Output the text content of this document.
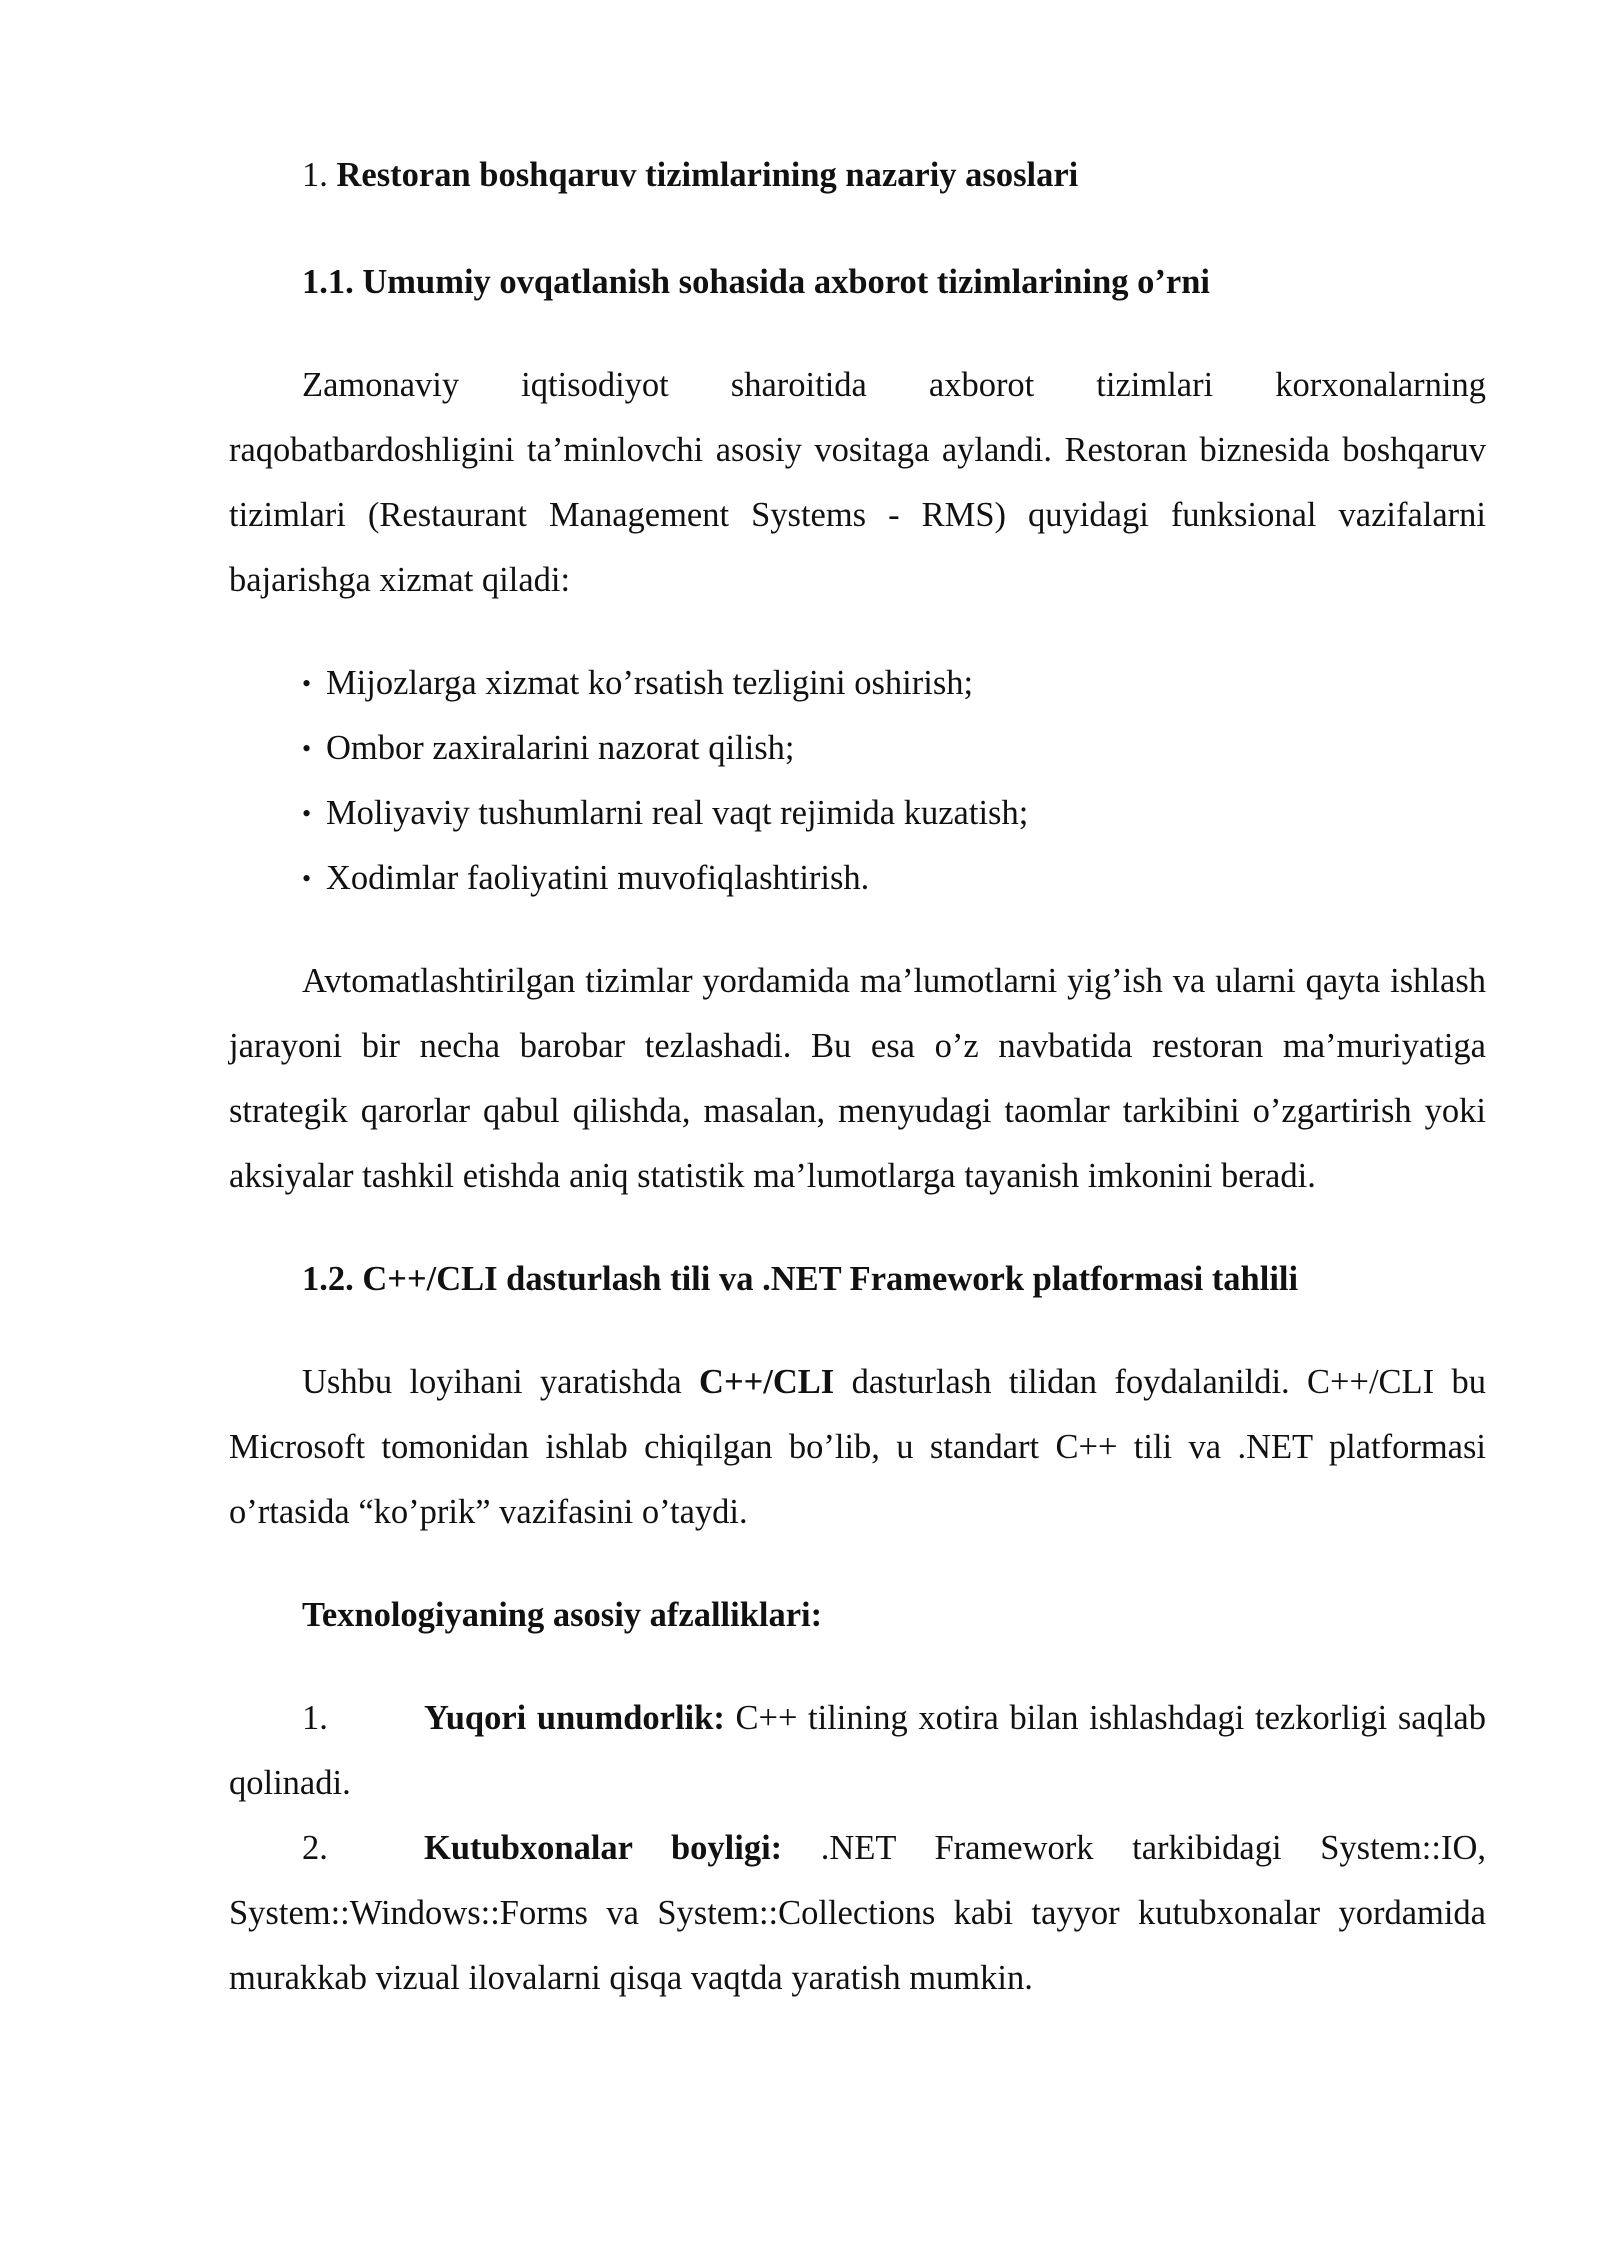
1. Restoran boshqaruv tizimlarining nazariy asoslari

1.1. Umumiy ovqatlanish sohasida axborot tizimlarining o’rni

Zamonaviy iqtisodiyot sharoitida axborot tizimlari korxonalarning raqobatbardoshligini ta’minlovchi asosiy vositaga aylandi. Restoran biznesida boshqaruv tizimlari (Restaurant Management Systems - RMS) quyidagi funksional vazifalarni bajarishga xizmat qiladi:

• Mijozlarga xizmat ko’rsatish tezligini oshirish;
• Ombor zaxiralarini nazorat qilish;
• Moliyaviy tushumlarni real vaqt rejimida kuzatish;
• Xodimlar faoliyatini muvofiqlashtirish.

Avtomatlashtirilgan tizimlar yordamida ma’lumotlarni yig’ish va ularni qayta ishlash jarayoni bir necha barobar tezlashadi. Bu esa o’z navbatida restoran ma’muriyatiga strategik qarorlar qabul qilishda, masalan, menyudagi taomlar tarkibini o’zgartirish yoki aksiyalar tashkil etishda aniq statistik ma’lumotlarga tayanish imkonini beradi.

1.2. C++/CLI dasturlash tili va .NET Framework platformasi tahlili

Ushbu loyihani yaratishda C++/CLI dasturlash tilidan foydalanildi. C++/CLI bu Microsoft tomonidan ishlab chiqilgan bo’lib, u standart C++ tili va .NET platformasi o’rtasida “ko’prik” vazifasini o’taydi.

Texnologiyaning asosiy afzalliklari:

1.	Yuqori unumdorlik: C++ tilining xotira bilan ishlashdagi tezkorligi saqlab qolinadi.

2.	Kutubxonalar boyligi: .NET Framework tarkibidagi System::IO, System::Windows::Forms va System::Collections kabi tayyor kutubxonalar yordamida murakkab vizual ilovalarni qisqa vaqtda yaratish mumkin.
